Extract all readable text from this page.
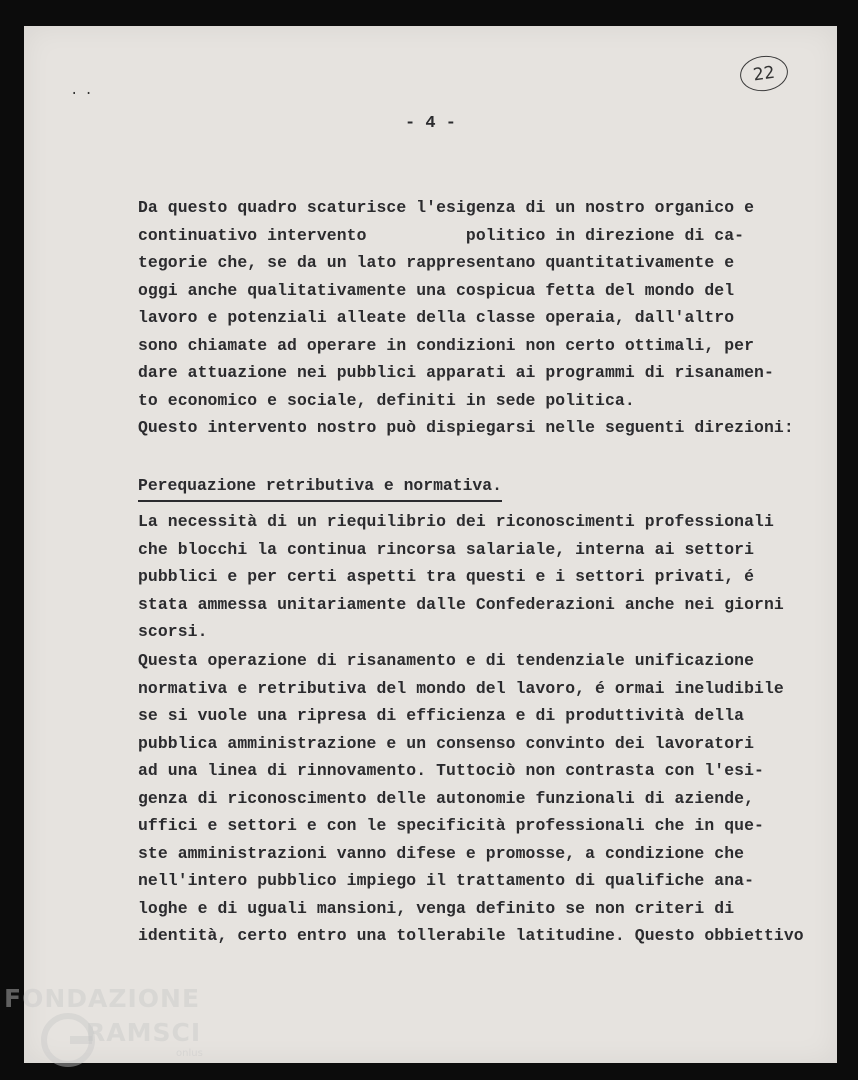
··
22
- 4 -
Da questo quadro scaturisce l'esigenza di un nostro organico e
continuativo intervento          politico in direzione di ca-
tegorie che, se da un lato rappresentano quantitativamente e
oggi anche qualitativamente una cospicua fetta del mondo del
lavoro e potenziali alleate della classe operaia, dall'altro
sono chiamate ad operare in condizioni non certo ottimali, per
dare attuazione nei pubblici apparati ai programmi di risanamen-
to economico e sociale, definiti in sede politica.
Questo intervento nostro può dispiegarsi nelle seguenti direzioni:
Perequazione retributiva e normativa.
La necessità di un riequilibrio dei riconoscimenti professionali
che blocchi la continua rincorsa salariale, interna ai settori
pubblici e per certi aspetti tra questi e i settori privati, é
stata ammessa unitariamente dalle Confederazioni anche nei giorni
scorsi.
Questa operazione di risanamento e di tendenziale unificazione
normativa e retributiva del mondo del lavoro, é ormai ineludibile
se si vuole una ripresa di efficienza e di produttività della
pubblica amministrazione e un consenso convinto dei lavoratori
ad una linea di rinnovamento. Tuttociò non contrasta con l'esi-
genza di riconoscimento delle autonomie funzionali di aziende,
uffici e settori e con le specificità professionali che in que-
ste amministrazioni vanno difese e promosse, a condizione che
nell'intero pubblico impiego il trattamento di qualifiche ana-
loghe e di uguali mansioni, venga definito se non criteri di
identità, certo entro una tollerabile latitudine. Questo obbiettivo
FONDAZIONE
RAMSCI
onlus
